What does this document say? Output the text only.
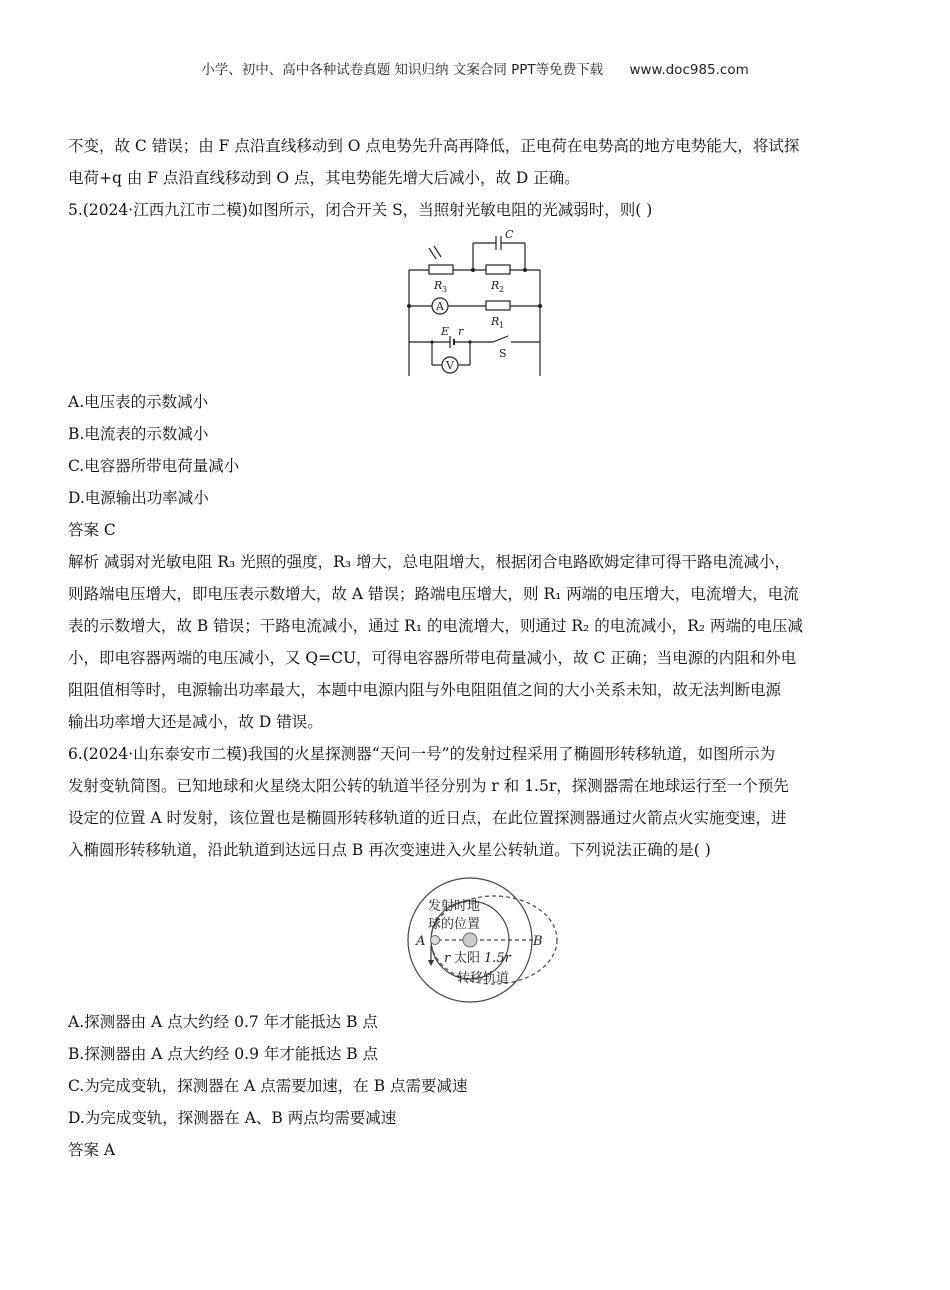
小学、初中、高中各种试卷真题 知识归纳 文案合同 PPT等免费下载 www.doc985.com

不变，故 C 错误；由 F 点沿直线移动到 O 点电势先升高再降低，正电荷在电势高的地方电势能大，将试探

电荷+q 由 F 点沿直线移动到 O 点，其电势能先增大后减小，故 D 正确。

5.(2024·江西九江市二模)如图所示，闭合开关 S，当照射光敏电阻的光减弱时，则( )

C
R 3	R 2
R 1
A
V
E r
S

A.电压表的示数减小

B.电流表的示数减小

C.电容器所带电荷量减小

D.电源输出功率减小

答案 C

解析 减弱对光敏电阻 R₃ 光照的强度，R₃ 增大，总电阻增大，根据闭合电路欧姆定律可得干路电流减小，

则路端电压增大，即电压表示数增大，故 A 错误；路端电压增大，则 R₁ 两端的电压增大，电流增大，电流

表的示数增大，故 B 错误；干路电流减小，通过 R₁ 的电流增大，则通过 R₂ 的电流减小，R₂ 两端的电压减

小，即电容器两端的电压减小，又 Q=CU，可得电容器所带电荷量减小，故 C 正确；当电源的内阻和外电

阻阻值相等时，电源输出功率最大，本题中电源内阻与外电阻阻值之间的大小关系未知，故无法判断电源

输出功率增大还是减小，故 D 错误。

6.(2024·山东泰安市二模)我国的火星探测器“天问一号”的发射过程采用了椭圆形转移轨道，如图所示为

发射变轨简图。已知地球和火星绕太阳公转的轨道半径分别为 r 和 1.5r，探测器需在地球运行至一个预先

设定的位置 A 时发射，该位置也是椭圆形转移轨道的近日点，在此位置探测器通过火箭点火实施变速，进

入椭圆形转移轨道，沿此轨道到达远日点 B 再次变速进入火星公转轨道。下列说法正确的是( )

发射时地
球的位置
太阳
转移轨道
A	B
r	1.5r

A.探测器由 A 点大约经 0.7 年才能抵达 B 点

B.探测器由 A 点大约经 0.9 年才能抵达 B 点

C.为完成变轨，探测器在 A 点需要加速，在 B 点需要减速

D.为完成变轨，探测器在 A、B 两点均需要减速

答案 A
